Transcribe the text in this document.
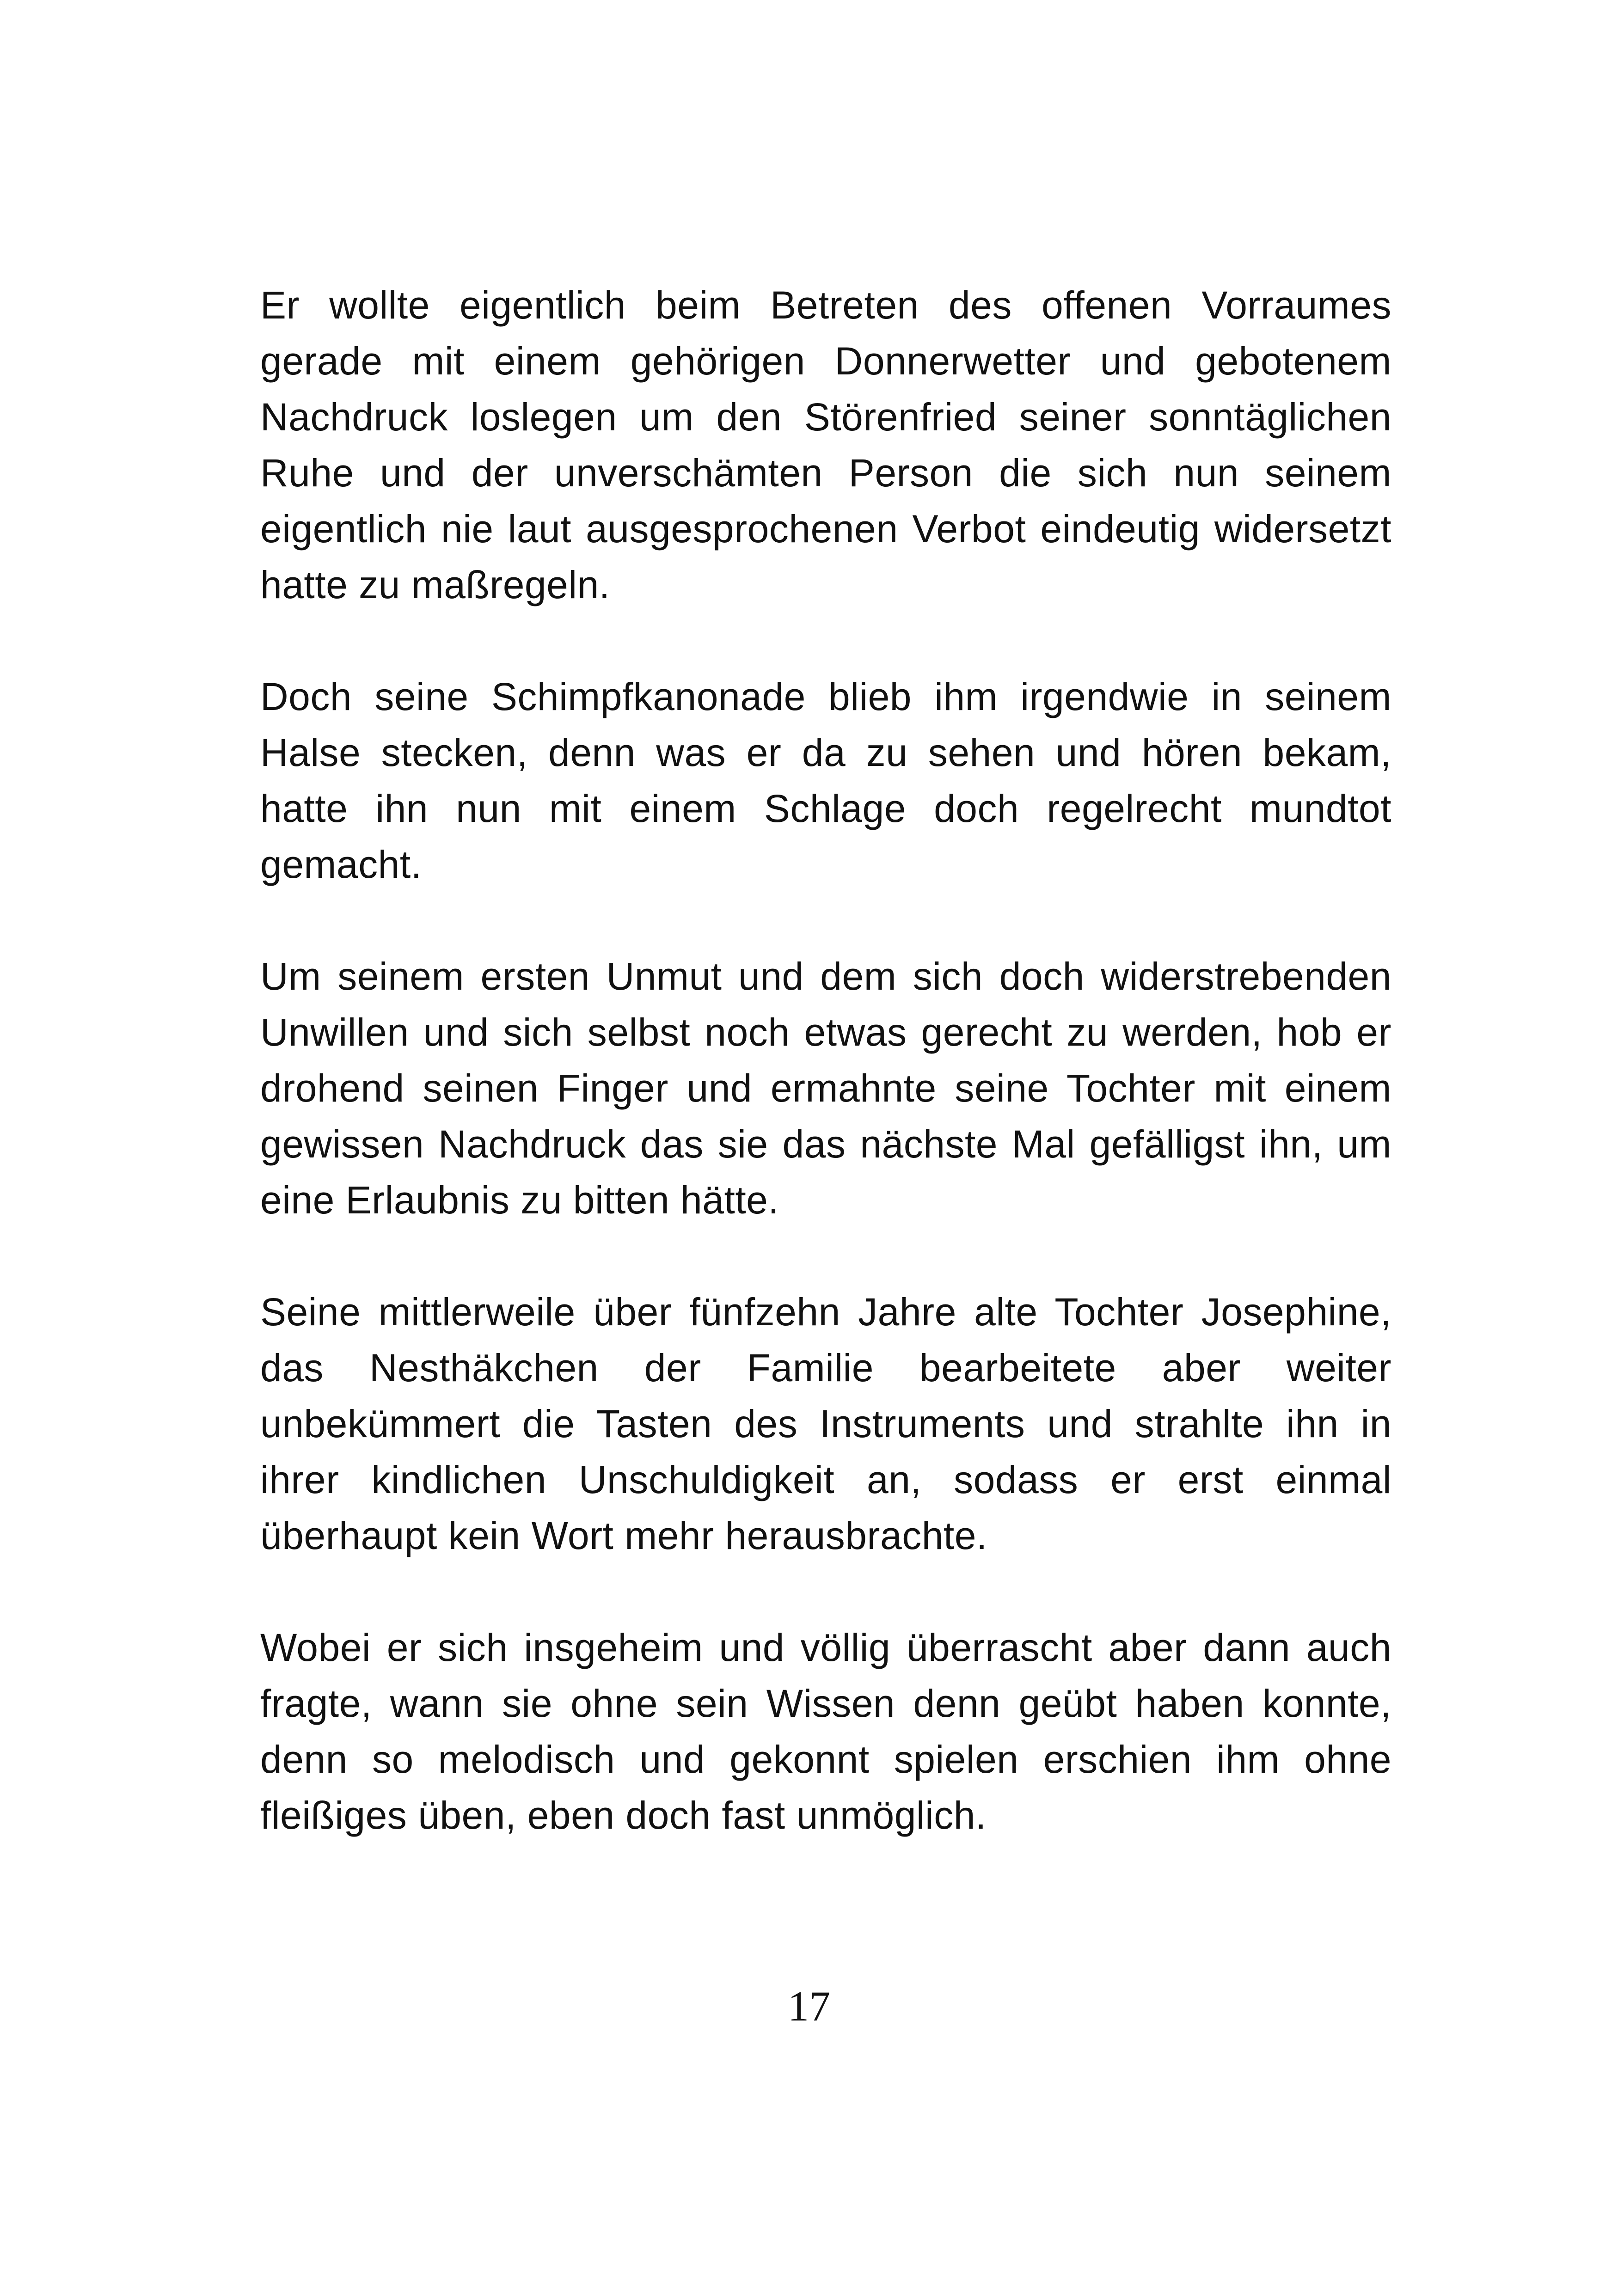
Er wollte eigentlich beim Betreten des offenen Vorraumes gerade mit einem gehörigen Donnerwetter und gebotenem Nachdruck loslegen um den Störenfried seiner sonntäglichen Ruhe und der unverschämten Person die sich nun seinem eigentlich nie laut ausgesprochenen Verbot eindeutig widersetzt hatte zu maßregeln.

Doch seine Schimpfkanonade blieb ihm irgendwie in seinem Halse stecken, denn was er da zu sehen und hören bekam, hatte ihn nun mit einem Schlage doch regelrecht mundtot gemacht.

Um seinem ersten Unmut und dem sich doch widerstrebenden Unwillen und sich selbst noch etwas gerecht zu werden, hob er drohend seinen Finger und ermahnte seine Tochter mit einem gewissen Nachdruck das sie das nächste Mal gefälligst ihn, um eine Erlaubnis zu bitten hätte.

Seine mittlerweile über fünfzehn Jahre alte Tochter Josephine, das Nesthäkchen der Familie bearbeitete aber weiter unbekümmert die Tasten des Instruments und strahlte ihn in ihrer kindlichen Unschuldigkeit an, sodass er erst einmal überhaupt kein Wort mehr herausbrachte.

Wobei er sich insgeheim und völlig überrascht aber dann auch fragte, wann sie ohne sein Wissen denn geübt haben konnte, denn so melodisch und gekonnt spielen erschien ihm ohne fleißiges üben, eben doch fast unmöglich.

17
